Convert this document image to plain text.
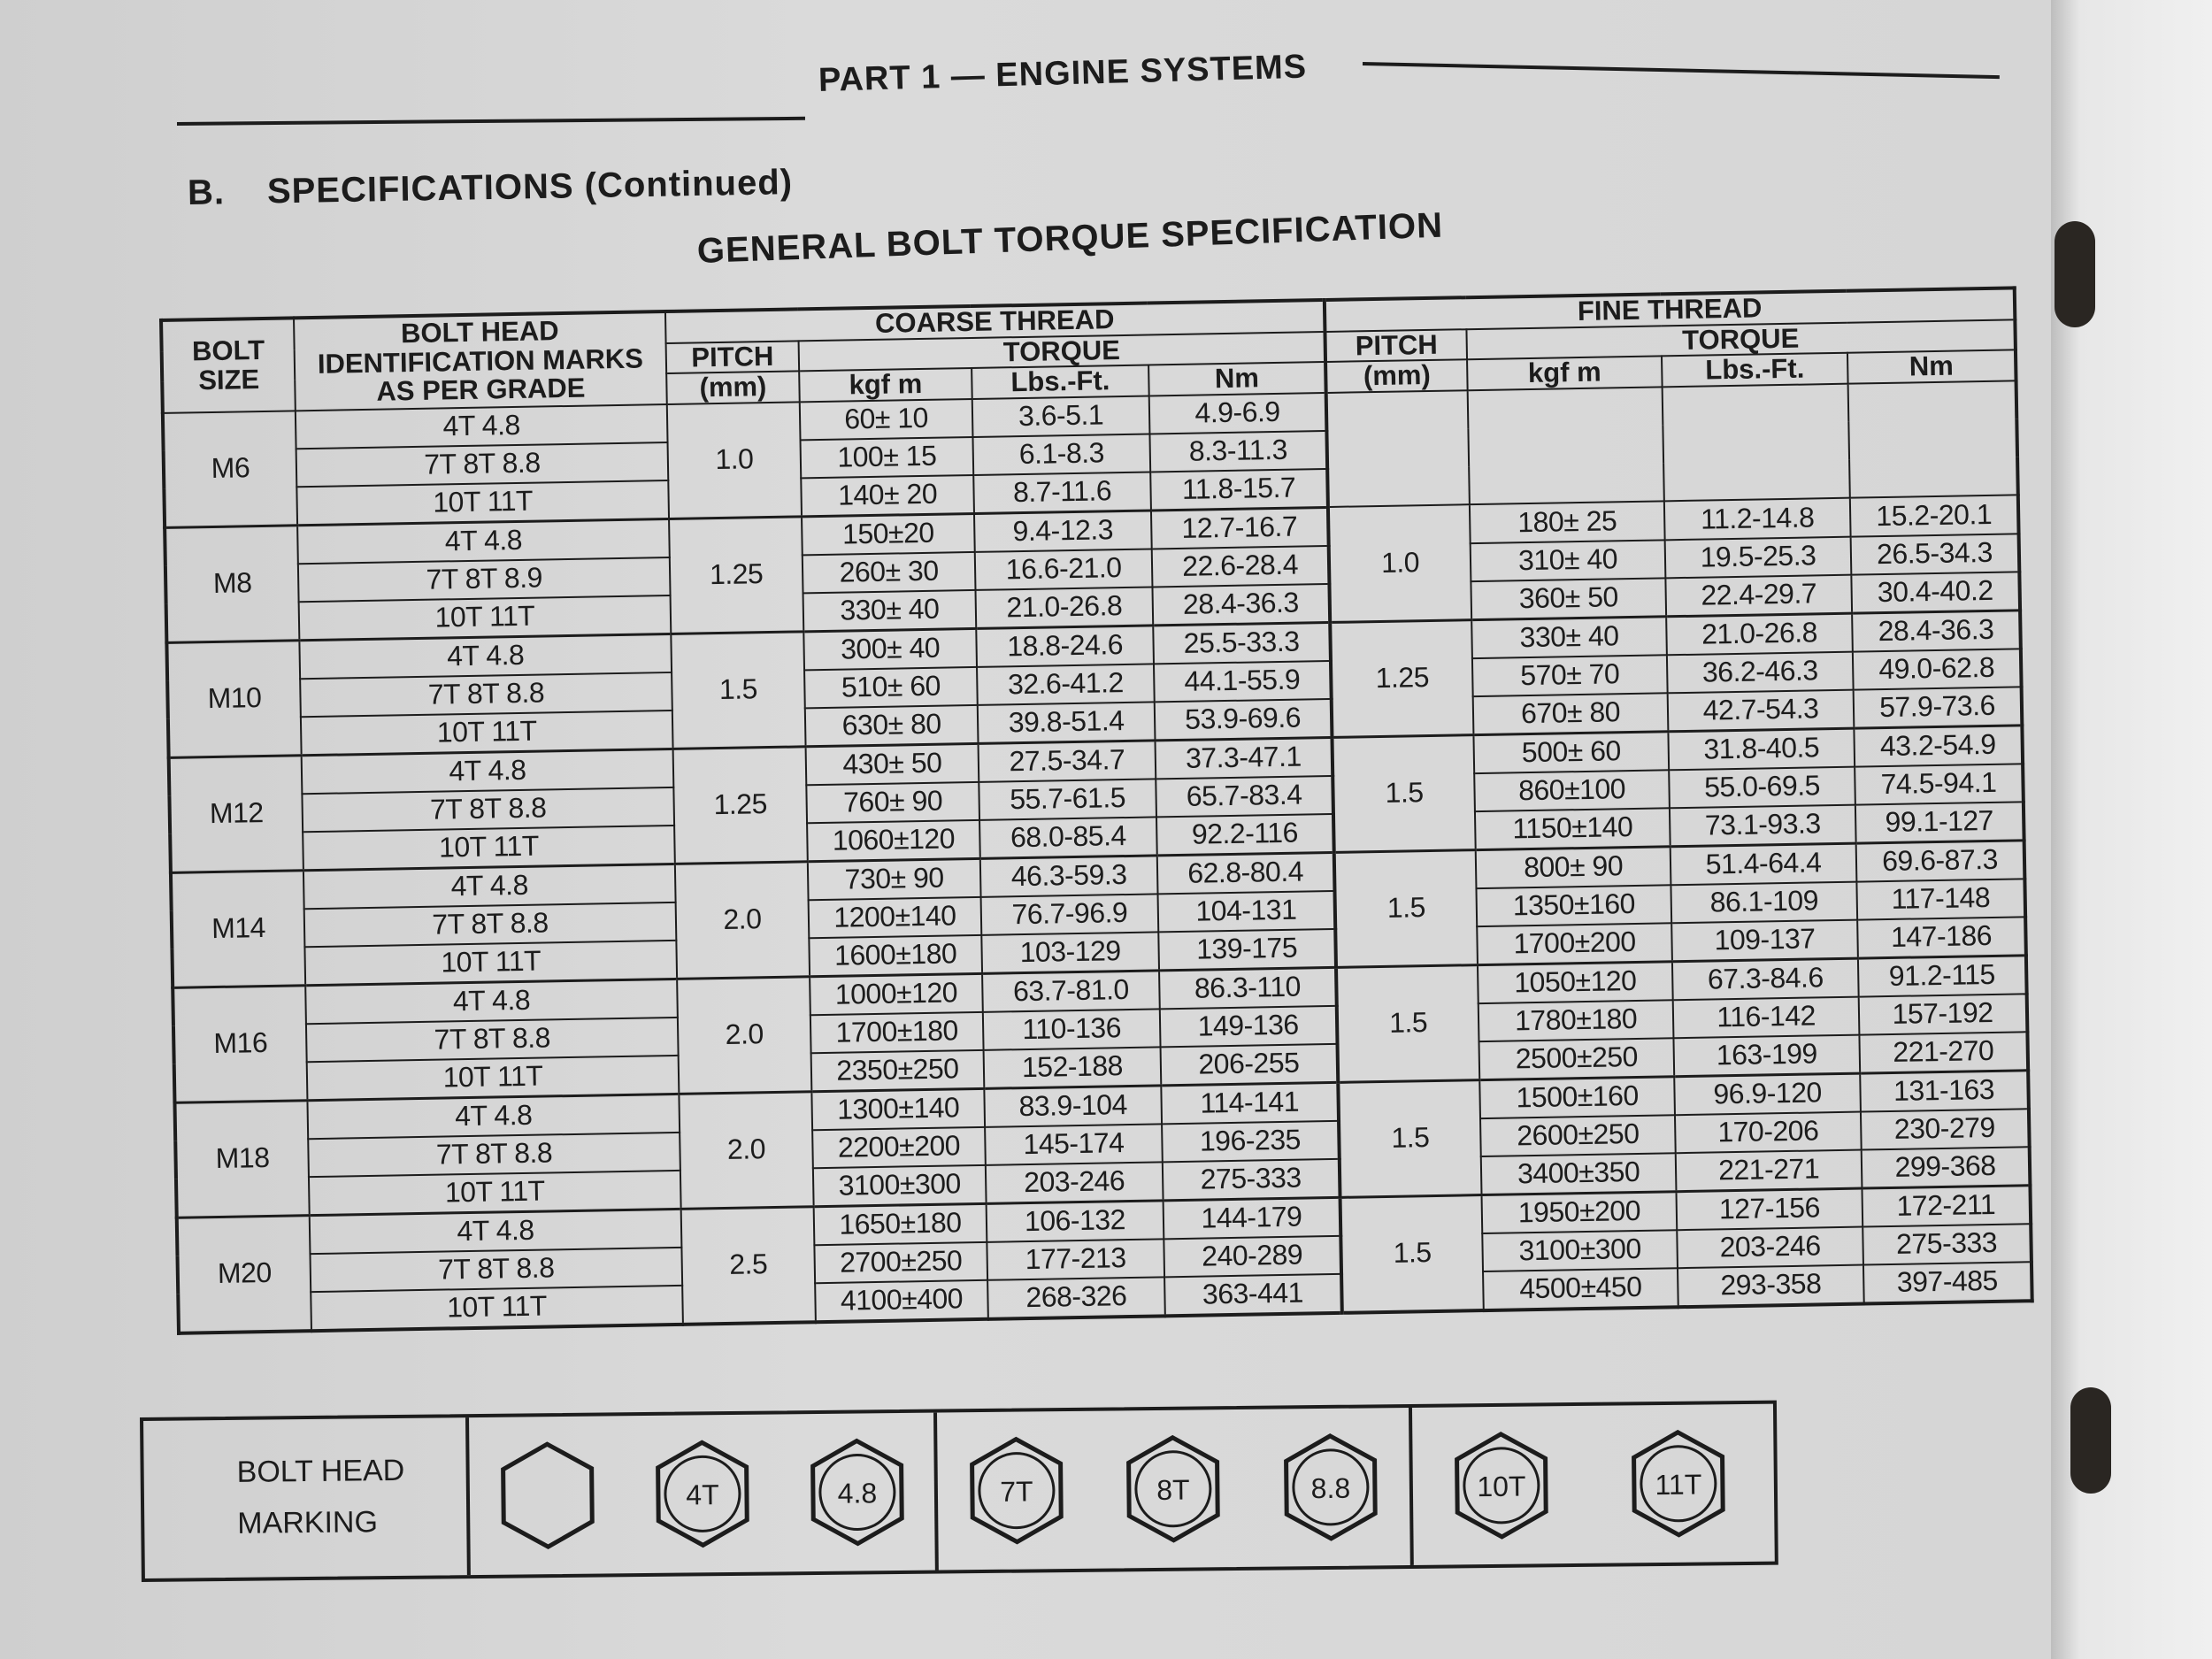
PART 1 — ENGINE SYSTEMS
B. SPECIFICATIONS (Continued)
GENERAL BOLT TORQUE SPECIFICATION
BOLT SIZE	BOLT HEAD IDENTIFICATION MARKS AS PER GRADE	COARSE THREAD				FINE THREAD			
		PITCH	TORQUE			PITCH	TORQUE		
		(mm)	kgf m	Lbs.-Ft.	Nm	(mm)	kgf m	Lbs.-Ft.	Nm
M6	4T 4.8	1.0	60± 10	3.6-5.1	4.9-6.9				
	7T 8T 8.8		100± 15	6.1-8.3	8.3-11.3				
	10T 11T		140± 20	8.7-11.6	11.8-15.7				
M8	4T 4.8	1.25	150±20	9.4-12.3	12.7-16.7	1.0	180± 25	11.2-14.8	15.2-20.1
	7T 8T 8.9		260± 30	16.6-21.0	22.6-28.4		310± 40	19.5-25.3	26.5-34.3
	10T 11T		330± 40	21.0-26.8	28.4-36.3		360± 50	22.4-29.7	30.4-40.2
M10	4T 4.8	1.5	300± 40	18.8-24.6	25.5-33.3	1.25	330± 40	21.0-26.8	28.4-36.3
	7T 8T 8.8		510± 60	32.6-41.2	44.1-55.9		570± 70	36.2-46.3	49.0-62.8
	10T 11T		630± 80	39.8-51.4	53.9-69.6		670± 80	42.7-54.3	57.9-73.6
M12	4T 4.8	1.25	430± 50	27.5-34.7	37.3-47.1	1.5	500± 60	31.8-40.5	43.2-54.9
	7T 8T 8.8		760± 90	55.7-61.5	65.7-83.4		860±100	55.0-69.5	74.5-94.1
	10T 11T		1060±120	68.0-85.4	92.2-116		1150±140	73.1-93.3	99.1-127
M14	4T 4.8	2.0	730± 90	46.3-59.3	62.8-80.4	1.5	800± 90	51.4-64.4	69.6-87.3
	7T 8T 8.8		1200±140	76.7-96.9	104-131		1350±160	86.1-109	117-148
	10T 11T		1600±180	103-129	139-175		1700±200	109-137	147-186
M16	4T 4.8	2.0	1000±120	63.7-81.0	86.3-110	1.5	1050±120	67.3-84.6	91.2-115
	7T 8T 8.8		1700±180	110-136	149-136		1780±180	116-142	157-192
	10T 11T		2350±250	152-188	206-255		2500±250	163-199	221-270
M18	4T 4.8	2.0	1300±140	83.9-104	114-141	1.5	1500±160	96.9-120	131-163
	7T 8T 8.8		2200±200	145-174	196-235		2600±250	170-206	230-279
	10T 11T		3100±300	203-246	275-333		3400±350	221-271	299-368
M20	4T 4.8	2.5	1650±180	106-132	144-179	1.5	1950±200	127-156	172-211
	7T 8T 8.8		2700±250	177-213	240-289		3100±300	203-246	275-333
	10T 11T		4100±400	268-326	363-441		4500±450	293-358	397-485
BOLT HEAD
MARKING
4T	4.8	7T	8T	8.8	10T	11T
